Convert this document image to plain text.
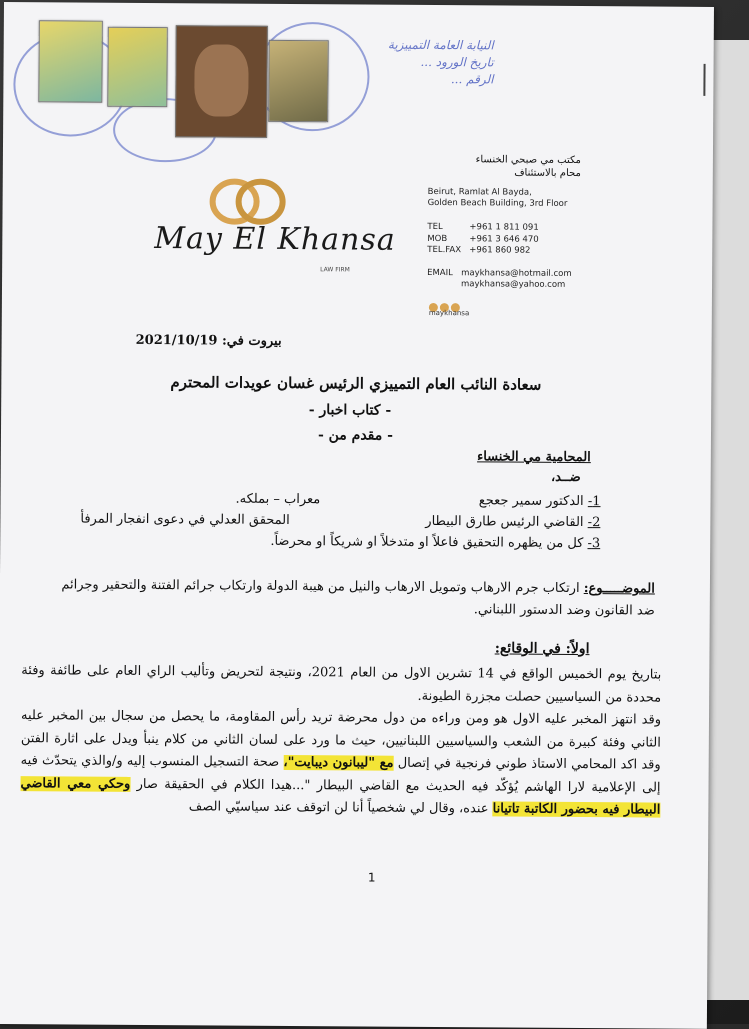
النيابة العامة التمييزية
تاريخ الورود ...
الرقم ...
May El Khansa
LAW FIRM
مكتب مي صبحي الخنساء
محام بالاستئناف
Beirut, Ramlat Al Bayda,
Golden Beach Building, 3rd Floor
TEL	+961 1 811 091
MOB	+961 3 646 470
TEL.FAX +961 860 982
EMAIL maykhansa@hotmail.com
maykhansa@yahoo.com
maykhansa
بيروت في: 2021/10/19
سعادة النائب العام التمييزي الرئيس غسان عويدات المحترم
- كتاب اخبار -
- مقدم من -
المحامية مي الخنساء
ضــد،
1- الدكتور سمير جعجع
معراب – بملكه.
2- القاضي الرئيس طارق البيطار
المحقق العدلي في دعوى انفجار المرفأ
3- كل من يظهره التحقيق فاعلاً او متدخلاً او شريكاً او محرضاً.
الموضـــــوع: ارتكاب جرم الارهاب وتمويل الارهاب والنيل من هيبة الدولة وارتكاب جرائم الفتنة والتحقير وجرائم ضد القانون وضد الدستور اللبناني.
اولاً: في الوقائع:
بتاريخ يوم الخميس الواقع في 14 تشرين الاول من العام 2021، ونتيجة لتحريض وتأليب الراي العام على طائفة وفئة محددة من السياسيين حصلت مجزرة الطيونة.
وقد انتهز المخبر عليه الاول هو ومن وراءه من دول محرضة تريد رأس المقاومة، ما يحصل من سجال بين المخبر عليه الثاني وفئة كبيرة من الشعب والسياسيين اللبنانيين، حيث ما ورد على لسان الثاني من كلام ينبأ ويدل على اثارة الفتن وقد اكد المحامي الاستاذ طوني فرنجية في إتصال مع "ليبانون ديبايت"، صحة التسجيل المنسوب إليه و/والذي يتحدّث فيه إلى الإعلامية لارا الهاشم يُؤكّد فيه الحديث مع القاضي البيطار "...هيدا الكلام في الحقيقة صار وحكي معي القاضي البيطار فيه بحضور الكاتبة تاتيانا عنده، وقال لي شخصياً أنا لن اتوقف عند سياسيّي الصف
1
